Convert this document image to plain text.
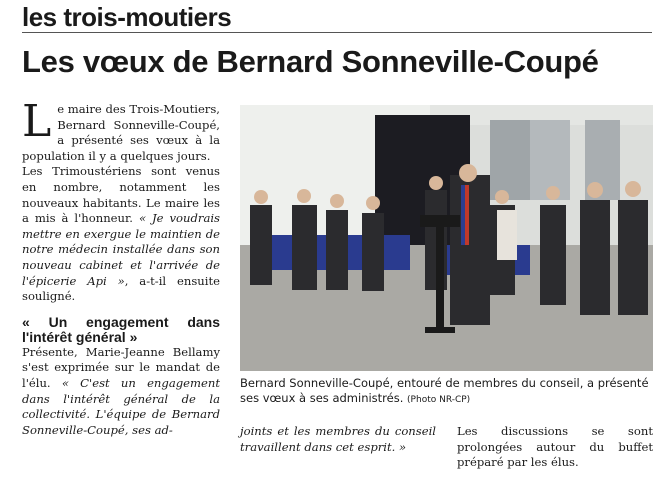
les trois-moutiers
Les vœux de Bernard Sonneville-Coupé

Le maire des Trois-Moutiers, Bernard Sonneville-Coupé, a présenté ses vœux à la population il y a quelques jours.

Les Trimoustériens sont venus en nombre, notamment les nouveaux habitants. Le maire les a mis à l'honneur. « Je voudrais mettre en exergue le maintien de notre médecin installée dans son nouveau cabinet et l'arrivée de l'épicerie Api », a-t-il ensuite souligné.

« Un engagement dans l'intérêt général »

Présente, Marie-Jeanne Bellamy s'est exprimée sur le mandat de l'élu. « C'est un engagement dans l'intérêt général de la collectivité. L'équipe de Bernard Sonneville-Coupé, ses ad-

Bernard Sonneville-Coupé, entouré de membres du conseil, a présenté ses vœux à ses administrés. (Photo NR-CP)

joints et les membres du conseil travaillent dans cet esprit. »

Les discussions se sont prolongées autour du buffet préparé par les élus.
